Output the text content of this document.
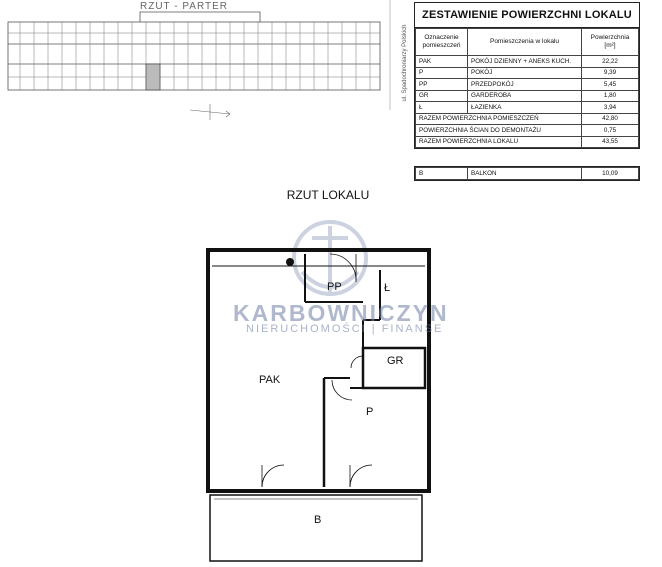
RZUT - PARTER
ul. Spadochroniarzy Polskich
ZESTAWIENIE POWIERZCHNI LOKALU
Oznaczenie pomieszczeń	Pomieszczenia w lokalu	Powierzchnia [m²]
PAK	POKÓJ DZIENNY + ANEKS KUCH.	22,22
P	POKÓJ	9,39
PP	PRZEDPOKÓJ	5,45
GR	GARDEROBA	1,80
Ł	ŁAZIENKA	3,94
RAZEM POWIERZCHNIA POMIESZCZEŃ		42,80
POWIERZCHNIA ŚCIAN DO DEMONTAŻU		0,75
RAZEM POWIERZCHNIA LOKALU		43,55
B	BALKON	10,09
RZUT LOKALU
PAK
P
PP
GR
Ł
B
KARBOWNICZYN
NIERUCHOMOŚCI | FINANSE
